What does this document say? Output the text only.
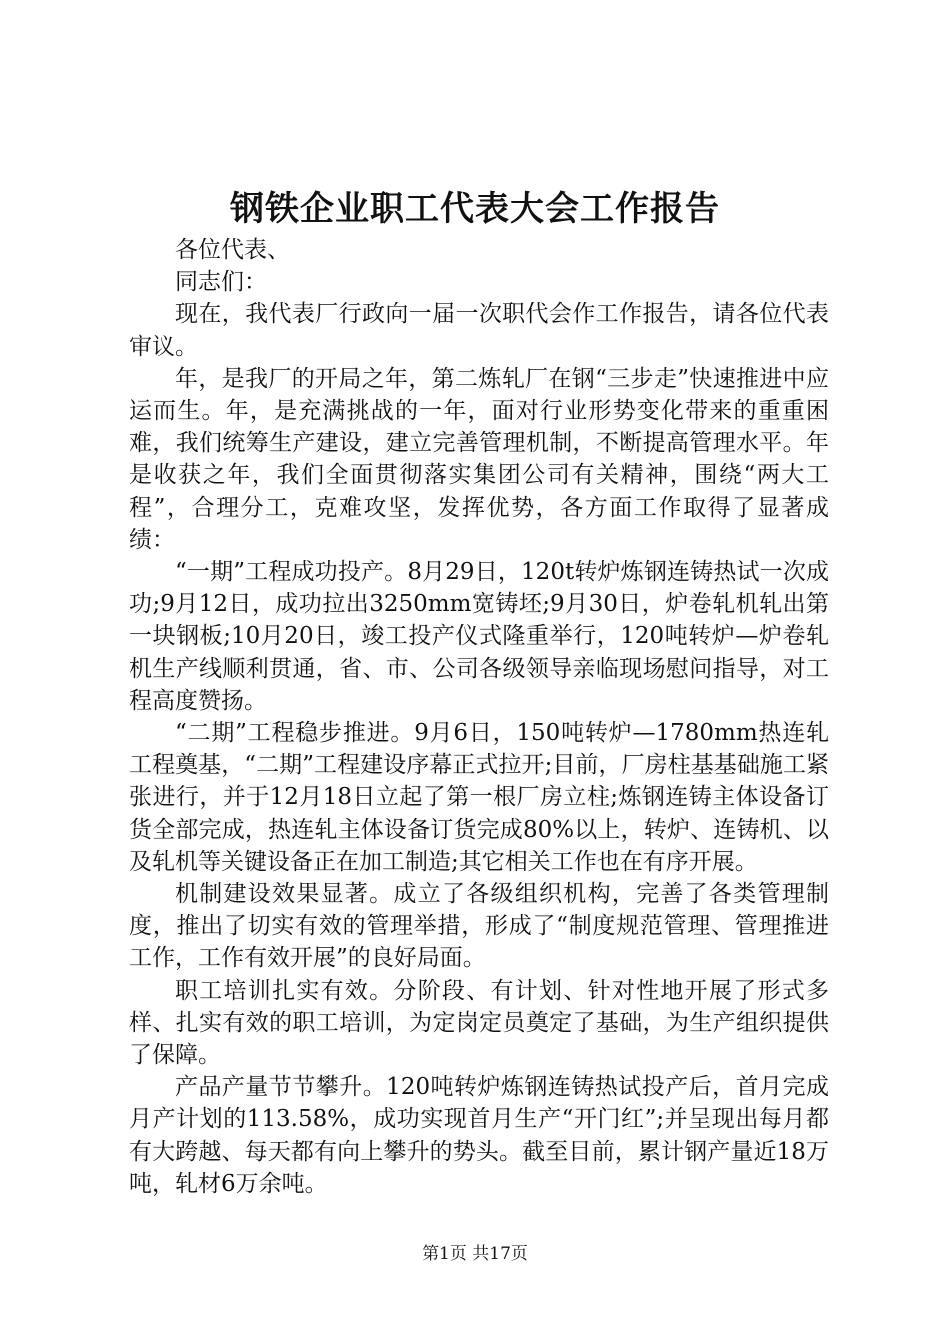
钢铁企业职工代表大会工作报告

各位代表、

同志们：

现在，我代表厂行政向一届一次职代会作工作报告，请各位代表审议。

年，是我厂的开局之年，第二炼轧厂在钢“三步走”快速推进中应运而生。年，是充满挑战的一年，面对行业形势变化带来的重重困难，我们统筹生产建设，建立完善管理机制，不断提高管理水平。年是收获之年，我们全面贯彻落实集团公司有关精神，围绕“两大工程”，合理分工，克难攻坚，发挥优势，各方面工作取得了显著成绩：

“一期”工程成功投产。8月29日，120t转炉炼钢连铸热试一次成功;9月12日，成功拉出3250mm宽铸坯;9月30日，炉卷轧机轧出第一块钢板;10月20日，竣工投产仪式隆重举行，120吨转炉—炉卷轧机生产线顺利贯通，省、市、公司各级领导亲临现场慰问指导，对工程高度赞扬。

“二期”工程稳步推进。9月6日，150吨转炉—1780mm热连轧工程奠基，“二期”工程建设序幕正式拉开;目前，厂房柱基基础施工紧张进行，并于12月18日立起了第一根厂房立柱;炼钢连铸主体设备订货全部完成，热连轧主体设备订货完成80%以上，转炉、连铸机、以及轧机等关键设备正在加工制造;其它相关工作也在有序开展。

机制建设效果显著。成立了各级组织机构，完善了各类管理制度，推出了切实有效的管理举措，形成了“制度规范管理、管理推进工作，工作有效开展”的良好局面。

职工培训扎实有效。分阶段、有计划、针对性地开展了形式多样、扎实有效的职工培训，为定岗定员奠定了基础，为生产组织提供了保障。

产品产量节节攀升。120吨转炉炼钢连铸热试投产后，首月完成月产计划的113.58%，成功实现首月生产“开门红”;并呈现出每月都有大跨越、每天都有向上攀升的势头。截至目前，累计钢产量近18万吨，轧材6万余吨。

第1页 共17页
